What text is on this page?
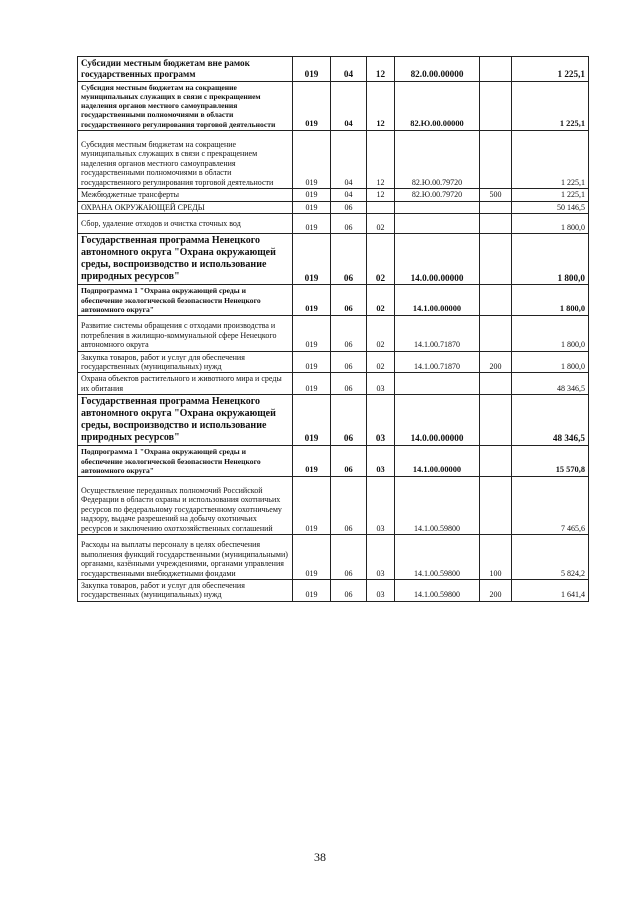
Субсидии местным бюджетам вне рамок государственных программ	019	04	12	82.0.00.00000		1 225,1
Субсидия местным бюджетам на сокращение муниципальных служащих в связи с прекращением наделения органов местного самоуправления государственными полномочиями в области государственного регулирования торговой деятельности	019	04	12	82.Ю.00.00000		1 225,1
Субсидия местным бюджетам на сокращение муниципальных служащих в связи с прекращением наделения органов местного самоуправления государственными полномочиями в области государственного регулирования торговой деятельности	019	04	12	82.Ю.00.79720		1 225,1
Межбюджетные трансферты	019	04	12	82.Ю.00.79720	500	1 225,1
ОХРАНА ОКРУЖАЮЩЕЙ СРЕДЫ	019	06				50 146,5
Сбор, удаление отходов и очистка сточных вод	019	06	02			1 800,0
Государственная программа Ненецкого автономного округа "Охрана окружающей среды, воспроизводство и использование природных ресурсов"	019	06	02	14.0.00.00000		1 800,0
Подпрограмма 1 "Охрана окружающей среды и обеспечение экологической безопасности Ненецкого автономного округа"	019	06	02	14.1.00.00000		1 800,0
Развитие системы обращения с отходами производства и потребления в жилищно-коммунальной сфере Ненецкого автономного округа	019	06	02	14.1.00.71870		1 800,0
Закупка товаров, работ и услуг для обеспечения государственных (муниципальных) нужд	019	06	02	14.1.00.71870	200	1 800,0
Охрана объектов растительного и животного мира и среды их обитания	019	06	03			48 346,5
Государственная программа Ненецкого автономного округа "Охрана окружающей среды, воспроизводство и использование природных ресурсов"	019	06	03	14.0.00.00000		48 346,5
Подпрограмма 1 "Охрана окружающей среды и обеспечение экологической безопасности Ненецкого автономного округа"	019	06	03	14.1.00.00000		15 570,8
Осуществление переданных полномочий Российской Федерации в области охраны и использования охотничьих ресурсов по федеральному государственному охотничьему надзору, выдаче разрешений на добычу охотничьих ресурсов и заключению охотхозяйственных соглашений	019	06	03	14.1.00.59800		7 465,6
Расходы на выплаты персоналу в целях обеспечения выполнения функций государственными (муниципальными) органами, казёнными учреждениями, органами управления государственными внебюджетными фондами	019	06	03	14.1.00.59800	100	5 824,2
Закупка товаров, работ и услуг для обеспечения государственных (муниципальных) нужд	019	06	03	14.1.00.59800	200	1 641,4
38
